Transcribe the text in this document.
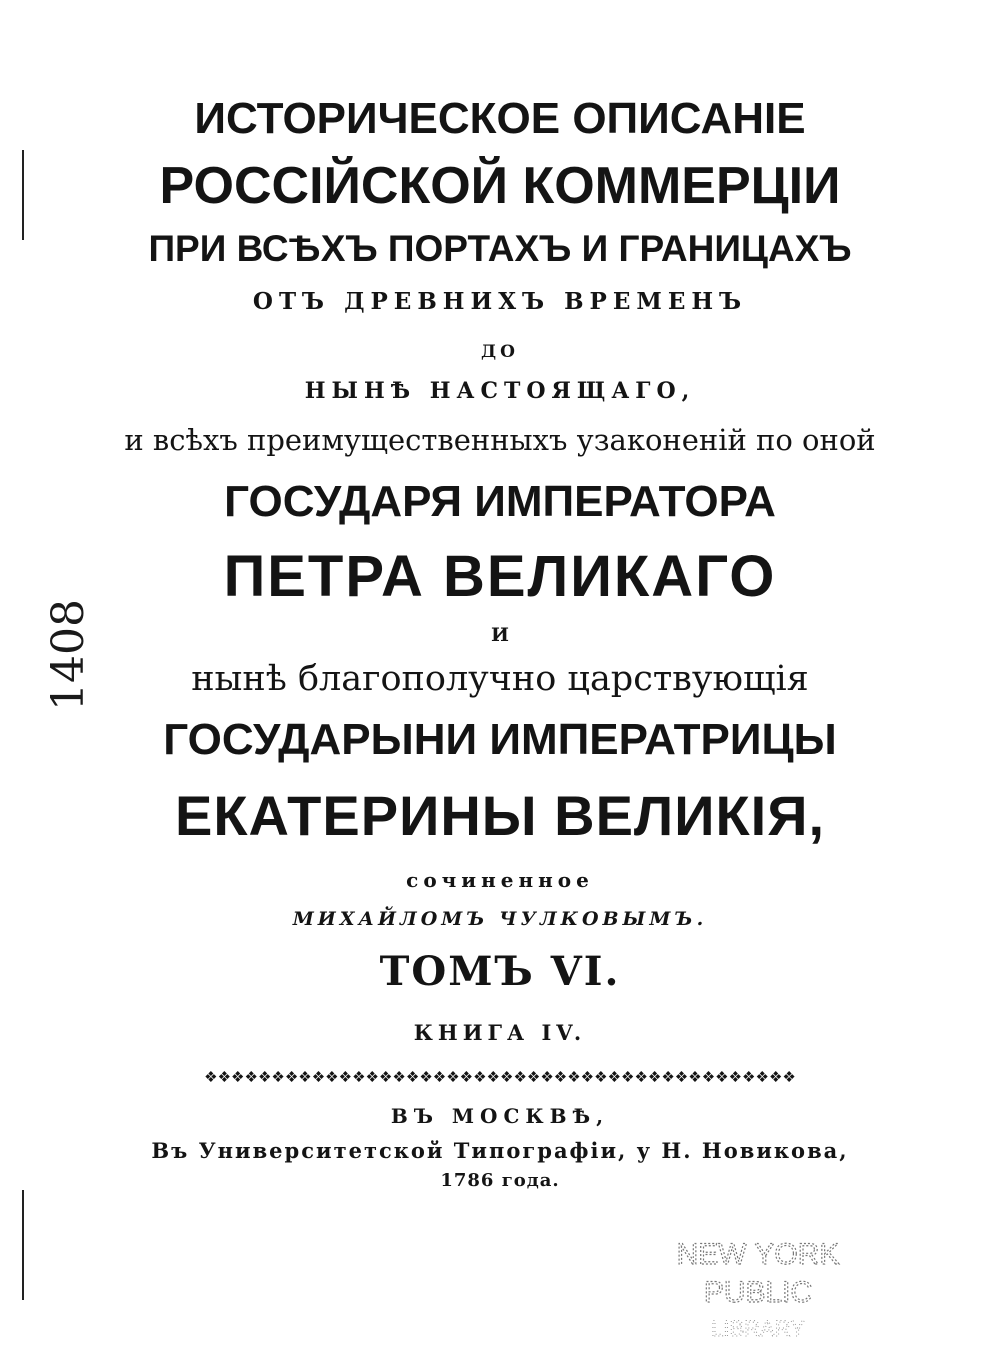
ИСТОРИЧЕСКОЕ ОПИСАНІЕ
РОССІЙСКОЙ КОММЕРЦІИ
ПРИ ВСѢХЪ ПОРТАХЪ И ГРАНИЦАХЪ
ОТЪ ДРЕВНИХЪ ВРЕМЕНЪ
ДО
НЫНѢ НАСТОЯЩАГО,
и всѣхъ преимущественныхъ узаконеній по оной
ГОСУДАРЯ ИМПЕРАТОРА
ПЕТРА ВЕЛИКАГО
И
нынѣ благополучно царствующія
ГОСУДАРЫНИ ИМПЕРАТРИЦЫ
ЕКАТЕРИНЫ ВЕЛИКІЯ,
сочиненное
МИХАЙЛОМЪ ЧУЛКОВЫМЪ.
ТОМЪ VI.
КНИГА IV.
❖❖❖❖❖❖❖❖❖❖❖❖❖❖❖❖❖❖❖❖❖❖❖❖❖❖❖❖❖❖❖❖❖❖❖❖❖❖❖❖❖❖❖❖
ВЪ МОСКВѢ,
Въ Университетской Типографіи, у Н. Новикова,
1786 года.
1408
NEW YORK
PUBLIC
LIBRARY
